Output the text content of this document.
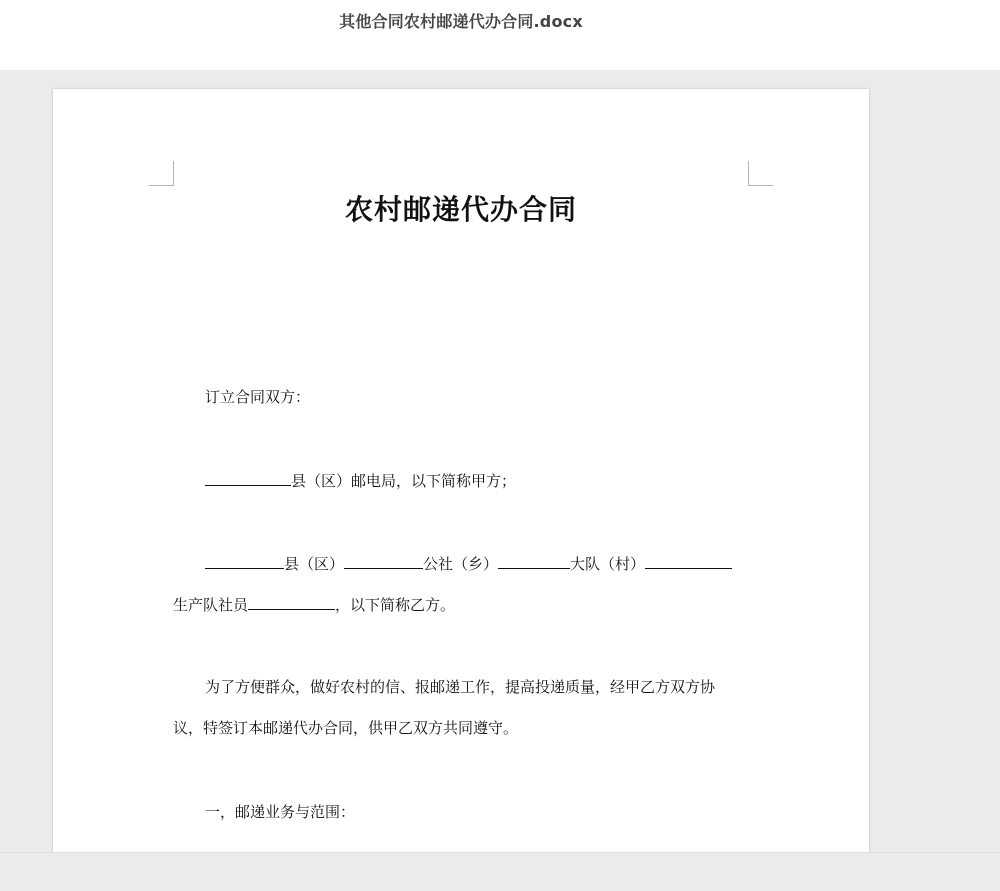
其他合同农村邮递代办合同.docx
农村邮递代办合同
订立合同双方：
县（区）邮电局，以下简称甲方；
县（区）	公社（乡）	大队（村）
生产队社员	，以下简称乙方。
为了方便群众，做好农村的信、报邮递工作，提高投递质量，经甲乙方双方协
议，特签订本邮递代办合同，供甲乙双方共同遵守。
一，邮递业务与范围：
